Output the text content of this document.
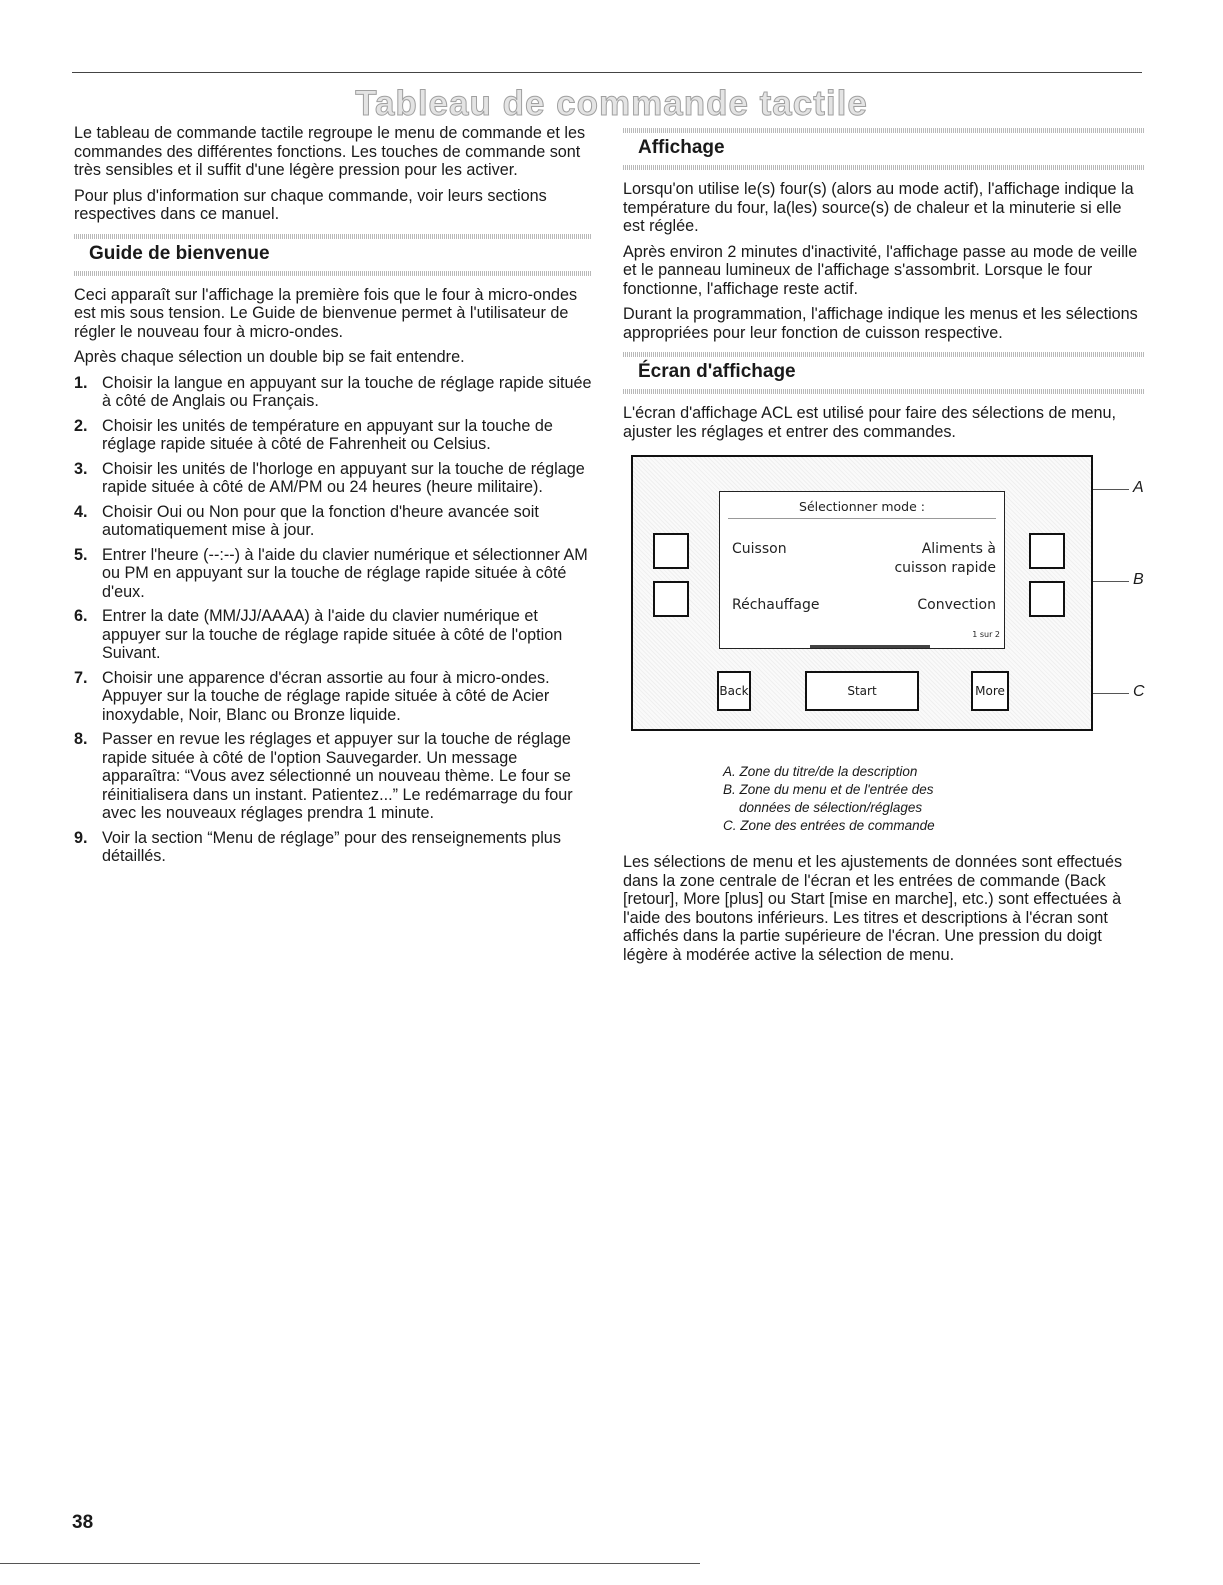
Tableau de commande tactile

Le tableau de commande tactile regroupe le menu de commande et les commandes des différentes fonctions. Les touches de commande sont très sensibles et il suffit d'une légère pression pour les activer.

Pour plus d'information sur chaque commande, voir leurs sections respectives dans ce manuel.

Guide de bienvenue

Ceci apparaît sur l'affichage la première fois que le four à micro-ondes est mis sous tension. Le Guide de bienvenue permet à l'utilisateur de régler le nouveau four à micro-ondes.

Après chaque sélection un double bip se fait entendre.

1. Choisir la langue en appuyant sur la touche de réglage rapide située à côté de Anglais ou Français.
2. Choisir les unités de température en appuyant sur la touche de réglage rapide située à côté de Fahrenheit ou Celsius.
3. Choisir les unités de l'horloge en appuyant sur la touche de réglage rapide située à côté de AM/PM ou 24 heures (heure militaire).
4. Choisir Oui ou Non pour que la fonction d'heure avancée soit automatiquement mise à jour.
5. Entrer l'heure (--:--) à l'aide du clavier numérique et sélectionner AM ou PM en appuyant sur la touche de réglage rapide située à côté d'eux.
6. Entrer la date (MM/JJ/AAAA) à l'aide du clavier numérique et appuyer sur la touche de réglage rapide située à côté de l'option Suivant.
7. Choisir une apparence d'écran assortie au four à micro-ondes. Appuyer sur la touche de réglage rapide située à côté de Acier inoxydable, Noir, Blanc ou Bronze liquide.
8. Passer en revue les réglages et appuyer sur la touche de réglage rapide située à côté de l'option Sauvegarder. Un message apparaîtra: “Vous avez sélectionné un nouveau thème. Le four se réinitialisera dans un instant. Patientez...” Le redémarrage du four avec les nouveaux réglages prendra 1 minute.
9. Voir la section “Menu de réglage” pour des renseignements plus détaillés.
Affichage

Lorsqu'on utilise le(s) four(s) (alors au mode actif), l'affichage indique la température du four, la(les) source(s) de chaleur et la minuterie si elle est réglée.

Après environ 2 minutes d'inactivité, l'affichage passe au mode de veille et le panneau lumineux de l'affichage s'assombrit. Lorsque le four fonctionne, l'affichage reste actif.

Durant la programmation, l'affichage indique les menus et les sélections appropriées pour leur fonction de cuisson respective.

Écran d'affichage

L'écran d'affichage ACL est utilisé pour faire des sélections de menu, ajuster les réglages et entrer des commandes.

Sélectionner mode :
Cuisson	Aliments à
cuisson rapide
Réchauffage	Convection
1 sur 2
Back	Start	More
A
B
C
A. Zone du titre/de la description
B. Zone du menu et de l'entrée des
données de sélection/réglages
C. Zone des entrées de commande

Les sélections de menu et les ajustements de données sont effectués dans la zone centrale de l'écran et les entrées de commande (Back [retour], More [plus] ou Start [mise en marche], etc.) sont effectuées à l'aide des boutons inférieurs. Les titres et descriptions à l'écran sont affichés dans la partie supérieure de l'écran. Une pression du doigt légère à modérée active la sélection de menu.

38
